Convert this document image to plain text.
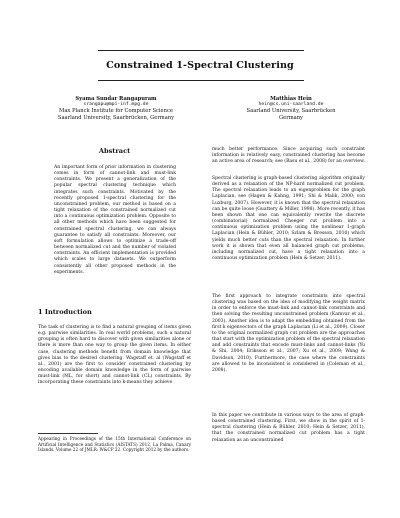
Constrained 1-Spectral Clustering
Syama Sundar Rangapuram
srangapu@mpi-inf.mpg.de
Max Planck Institute for Computer Science
Saarland University, Saarbrücken, Germany
Matthias Hein
hein@cs.uni-saarland.de
Saarland University, Saarbrücken
Germany
Abstract

An important form of prior information in clustering comes in form of cannot-link and must-link constraints. We present a generalization of the popular spectral clustering technique which integrates such constraints. Motivated by the recently proposed 1-spectral clustering for the unconstrained problem, our method is based on a tight relaxation of the constrained normalized cut into a continuous optimization problem. Opposite to all other methods which have been suggested for constrained spectral clustering, we can always guarantee to satisfy all constraints. Moreover, our soft formulation allows to optimize a trade-off between normalized cut and the number of violated constraints. An efficient implementation is provided which scales to large datasets. We outperform consistently all other proposed methods in the experiments.

1 Introduction

The task of clustering is to find a natural grouping of items given e.g. pairwise similarities. In real world problems, such a natural grouping is often hard to discover with given similarities alone or there is more than one way to group the given items. In either case, clustering methods benefit from domain knowledge that gives bias to the desired clustering. Wagstaff et. al (Wagstaff et al., 2001) are the first to consider constrained clustering by encoding available domain knowledge in the form of pairwise must-link (ML, for short) and cannot-link (CL) constraints. By incorporating these constraints into k-means they achieve

Appearing in Proceedings of the 15th International Conference on Artificial Intelligence and Statistics (AISTATS) 2012, La Palma, Canary Islands. Volume 22 of JMLR: W&CP 22. Copyright 2012 by the authors.

much better performance. Since acquiring such constraint information is relatively easy, constrained clustering has become an active area of research; see (Basu et al., 2008) for an overview.

Spectral clustering is graph-based clustering algorithm originally derived as a relaxation of the NP-hard normalized cut problem. The spectral relaxation leads to an eigenproblem for the graph Laplacian, see (Hagen & Kahng, 1991; Shi & Malik, 2000; von Luxburg, 2007). However, it is known that the spectral relaxation can be quite loose (Guattery & Miller, 1998). More recently, it has been shown that one can equivalently rewrite the discrete (combinatorial) normalized Cheeger cut problem into a continuous optimization problem using the nonlinear 1-graph Laplacian (Hein & Bühler, 2010; Szlam & Bresson, 2010) which yields much better cuts than the spectral relaxation. In further work it is shown that even all balanced graph cut problems, including normalized cut, have a tight relaxation into a continuous optimization problem (Hein & Setzer, 2011).

The first approach to integrate constraints into spectral clustering was based on the idea of modifying the weight matrix in order to enforce the must-link and cannot-link constraints and then solving the resulting unconstrained problem (Kamvar et al., 2003). Another idea is to adapt the embedding obtained from the first k eigenvectors of the graph Laplacian (Li et al., 2009). Closer to the original normalized graph cut problem are the approaches that start with the optimization problem of the spectral relaxation and add constraints that encode must-links and cannot-links (Yu & Shi, 2004; Eriksson et al., 2007; Xu et al., 2009; Wang & Davidson, 2010). Furthermore, the case where the constraints are allowed to be inconsistent is considered in (Coleman et al., 2008).

In this paper we contribute in various ways to the area of graph-based constrained clustering. First, we show in the spirit of 1-spectral clustering (Hein & Bühler, 2010; Hein & Setzer, 2011), that the constrained normalized cut problem has a tight relaxation as an unconstrained
